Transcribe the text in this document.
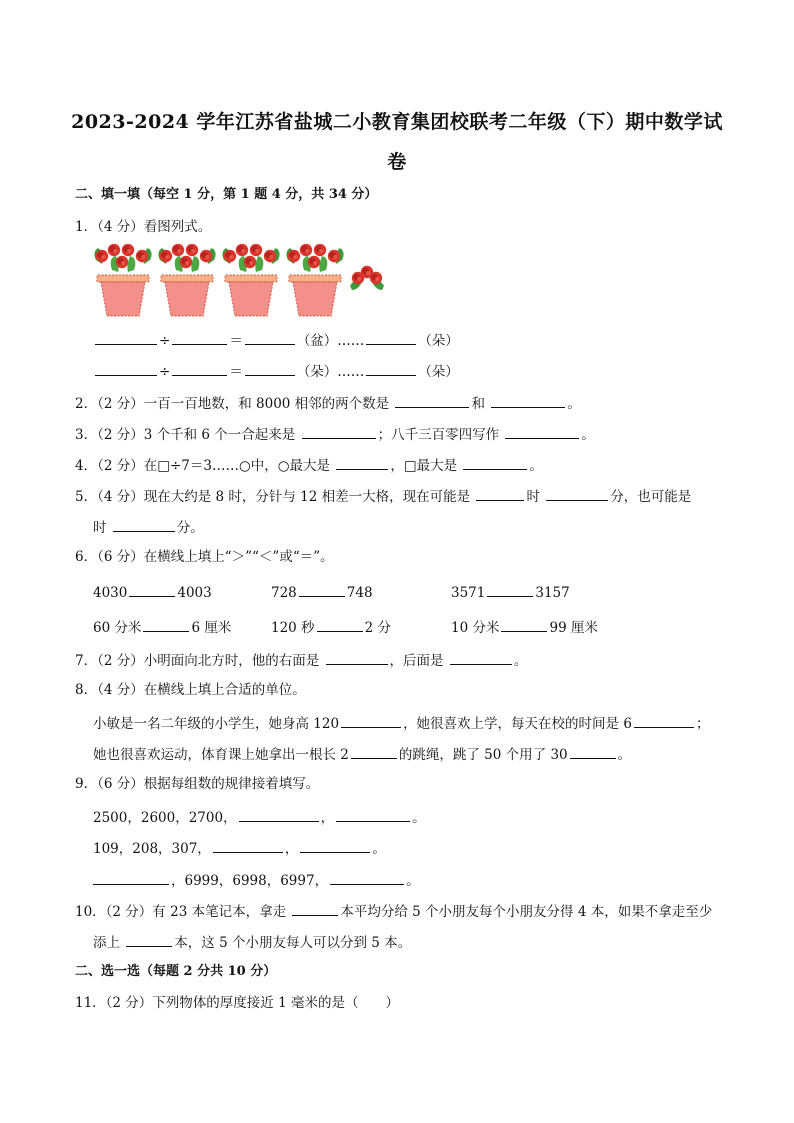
2023-2024 学年江苏省盐城二小教育集团校联考二年级（下）期中数学试
卷
二、填一填（每空 1 分，第 1 题 4 分，共 34 分）
1．（4 分）看图列式。
÷	＝	（盆）……	（朵）
÷	＝	（朵）……	（朵）
2．（2 分）一百一百地数，和 8000 相邻的两个数是	和	。
3．（2 分）3 个千和 6 个一合起来是	；八千三百零四写作	。
4．（2 分）在□÷7＝3……○中，○最大是	，□最大是	。
5．（4 分）现在大约是 8 时，分针与 12 相差一大格，现在可能是	时	分，也可能是
时	分。
6．（6 分）在横线上填上“＞”“＜”或“＝”。
4030	4003	728	748	3571	3157
60 分米	6 厘米	120 秒	2 分	10 分米	99 厘米
7．（2 分）小明面向北方时，他的右面是	，后面是	。
8．（4 分）在横线上填上合适的单位。
小敏是一名二年级的小学生，她身高 120	，她很喜欢上学，每天在校的时间是 6	；
她也很喜欢运动，体育课上她拿出一根长 2	的跳绳，跳了 50 个用了 30	。
9．（6 分）根据每组数的规律接着填写。
2500，2600，2700，	，	。
109，208，307，	，	。
，6999，6998，6997，	。
10．（2 分）有 23 本笔记本，拿走	本平均分给 5 个小朋友每个小朋友分得 4 本，如果不拿走至少
添上	本，这 5 个小朋友每人可以分到 5 本。
二、选一选（每题 2 分共 10 分）
11．（2 分）下列物体的厚度接近 1 毫米的是（　　）
